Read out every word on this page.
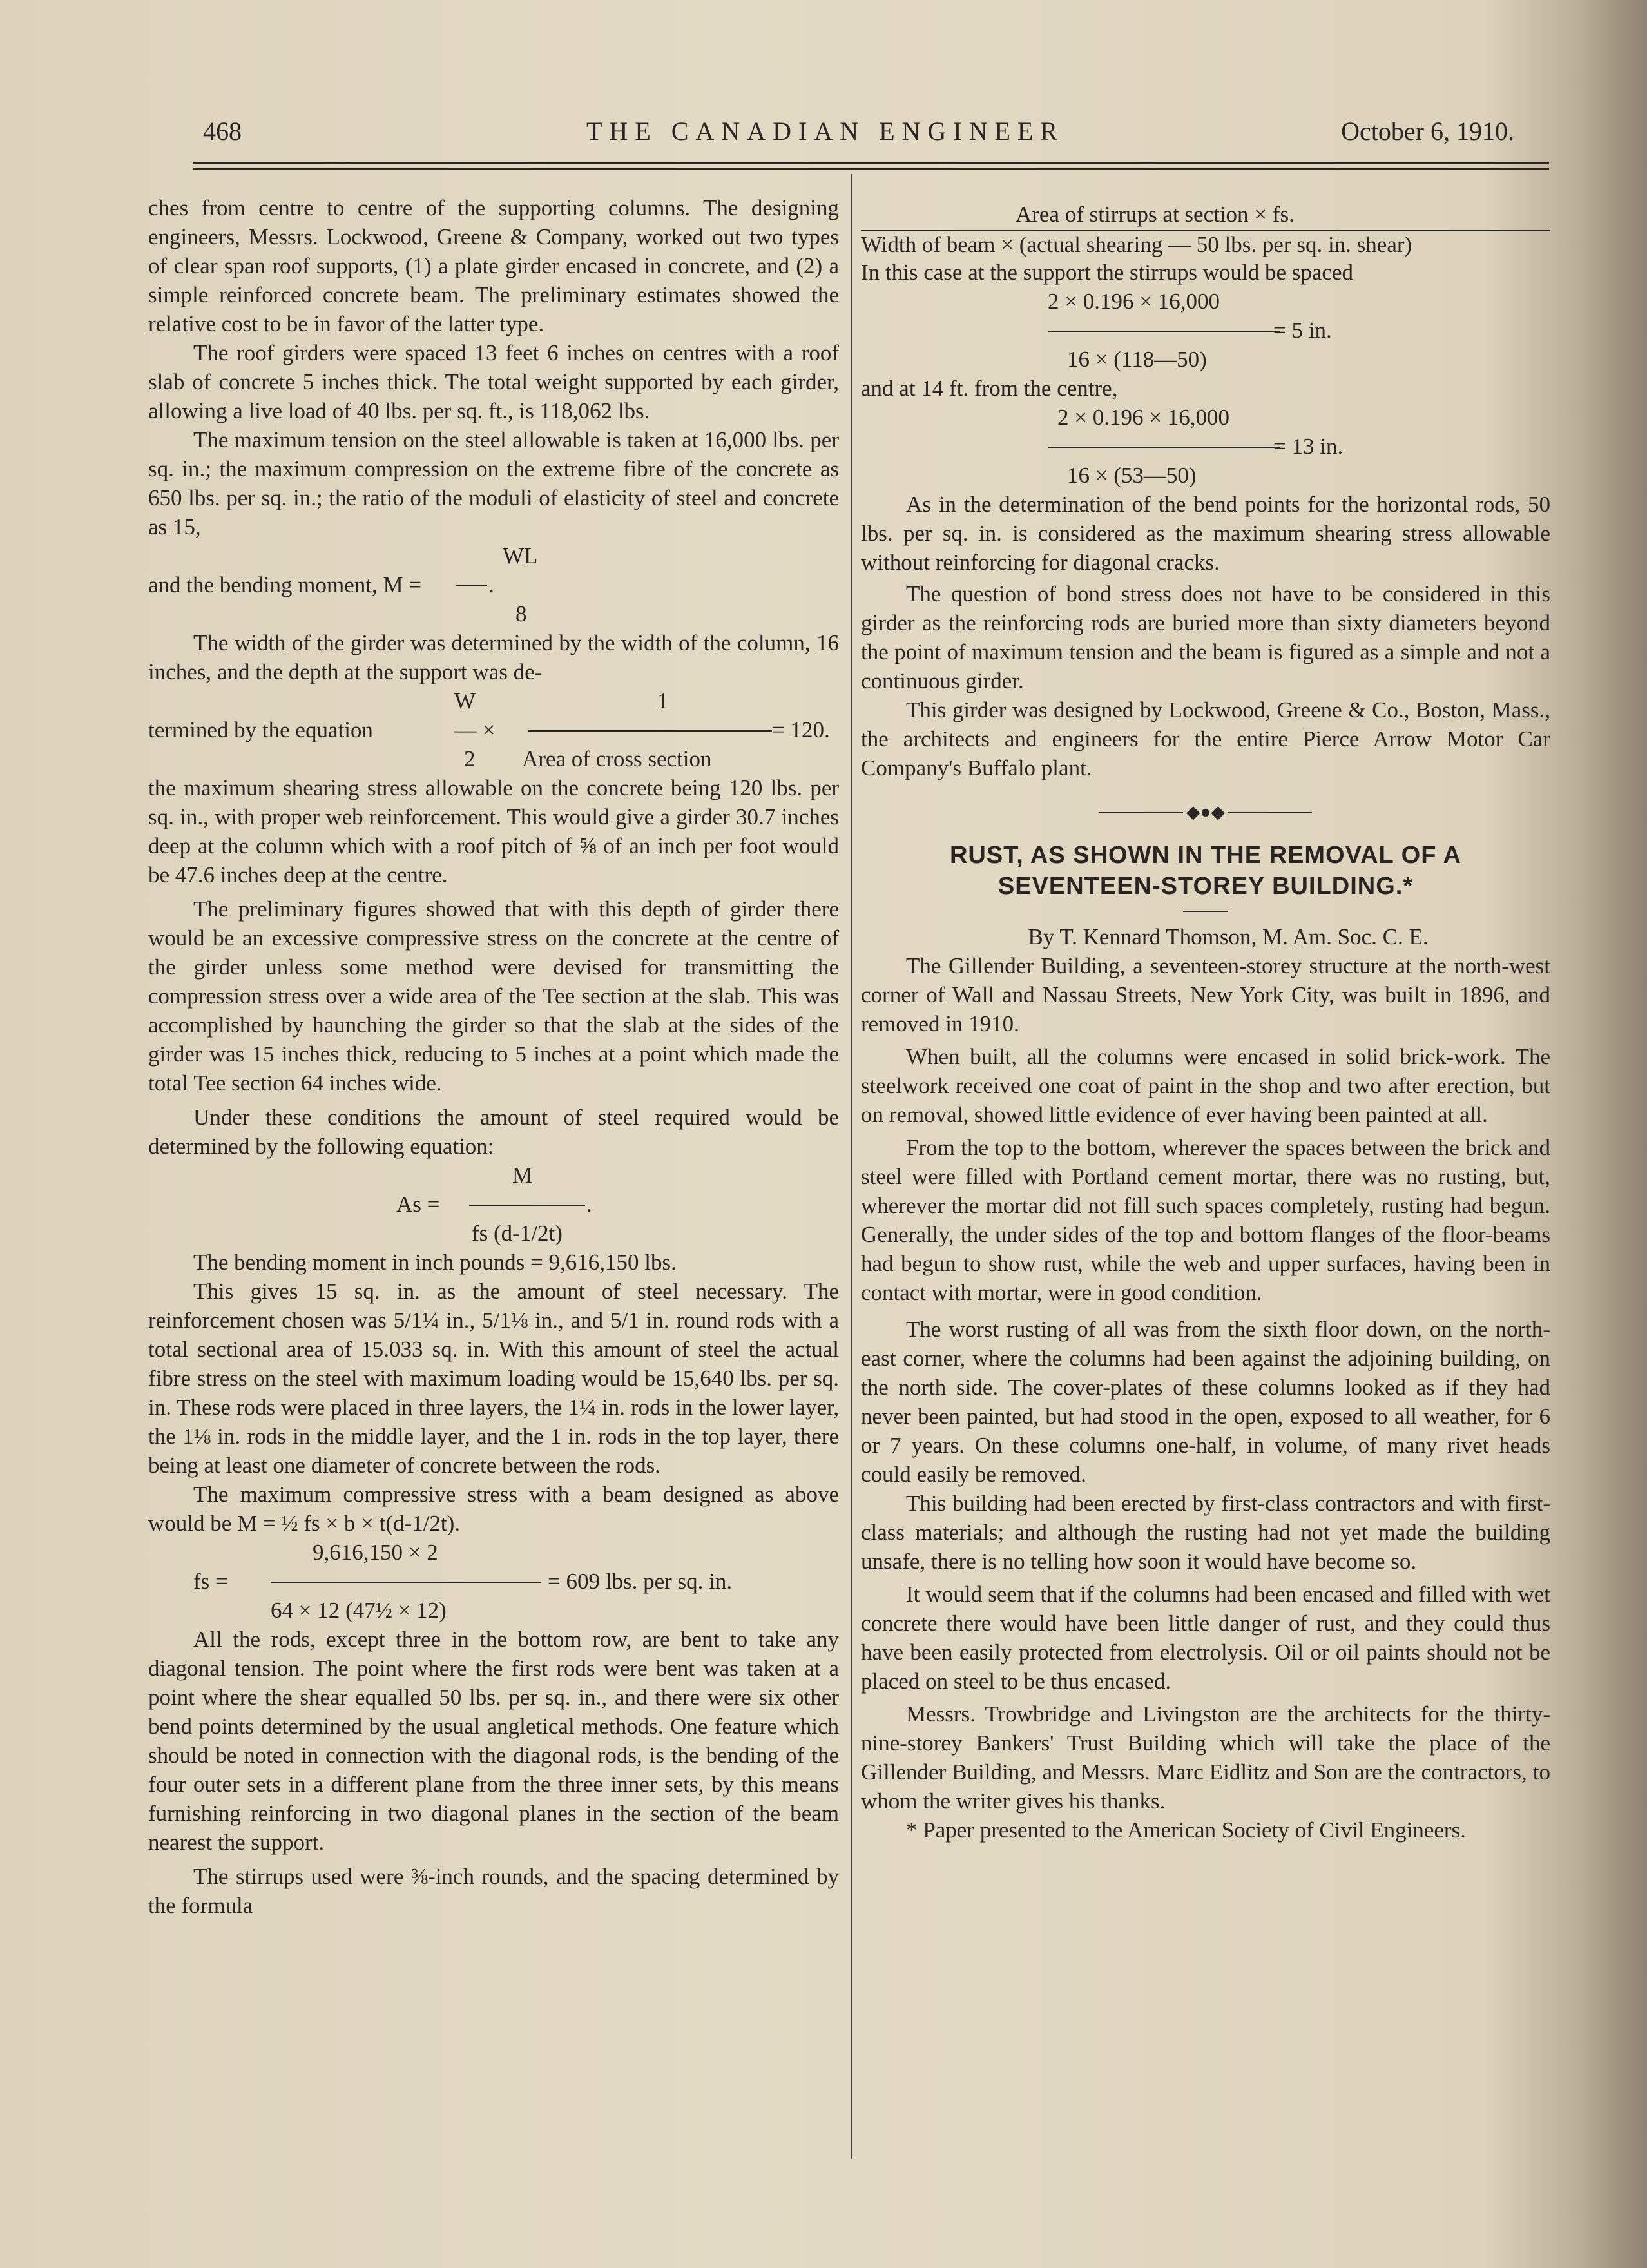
468	THE CANADIAN ENGINEER	October 6, 1910.

ches from centre to centre of the supporting columns. The designing engineers, Messrs. Lockwood, Greene & Company, worked out two types of clear span roof supports, (1) a plate girder encased in concrete, and (2) a simple reinforced concrete beam. The preliminary estimates showed the relative cost to be in favor of the latter type.

The roof girders were spaced 13 feet 6 inches on centres with a roof slab of concrete 5 inches thick. The total weight supported by each girder, allowing a live load of 40 lbs. per sq. ft., is 118,062 lbs.

The maximum tension on the steel allowable is taken at 16,000 lbs. per sq. in.; the maximum compression on the extreme fibre of the concrete as 650 lbs. per sq. in.; the ratio of the moduli of elasticity of steel and concrete as 15,

WL
and the bending moment, M =	.
8

The width of the girder was determined by the width of the column, 16 inches, and the depth at the support was de-

W	1
termined by the equation	— ×	= 120.
2 Area of cross section

the maximum shearing stress allowable on the concrete being 120 lbs. per sq. in., with proper web reinforcement. This would give a girder 30.7 inches deep at the column which with a roof pitch of ⅝ of an inch per foot would be 47.6 inches deep at the centre.

The preliminary figures showed that with this depth of girder there would be an excessive compressive stress on the concrete at the centre of the girder unless some method were devised for transmitting the compression stress over a wide area of the Tee section at the slab. This was accomplished by haunching the girder so that the slab at the sides of the girder was 15 inches thick, reducing to 5 inches at a point which made the total Tee section 64 inches wide.

Under these conditions the amount of steel required would be determined by the following equation:

M
As =	.
fs (d-1/2t)

The bending moment in inch pounds = 9,616,150 lbs.

This gives 15 sq. in. as the amount of steel necessary. The reinforcement chosen was 5/1¼ in., 5/1⅛ in., and 5/1 in. round rods with a total sectional area of 15.033 sq. in. With this amount of steel the actual fibre stress on the steel with maximum loading would be 15,640 lbs. per sq. in. These rods were placed in three layers, the 1¼ in. rods in the lower layer, the 1⅛ in. rods in the middle layer, and the 1 in. rods in the top layer, there being at least one diameter of concrete between the rods.

The maximum compressive stress with a beam designed as above would be M = ½ fs × b × t(d-1/2t).

9,616,150 × 2
fs =	= 609 lbs. per sq. in.
64 × 12 (47½ × 12)

All the rods, except three in the bottom row, are bent to take any diagonal tension. The point where the first rods were bent was taken at a point where the shear equalled 50 lbs. per sq. in., and there were six other bend points determined by the usual angletical methods. One feature which should be noted in connection with the diagonal rods, is the bending of the four outer sets in a different plane from the three inner sets, by this means furnishing reinforcing in two diagonal planes in the section of the beam nearest the support.

The stirrups used were ⅜-inch rounds, and the spacing determined by the formula

Area of stirrups at section × fs.
Width of beam × (actual shearing — 50 lbs. per sq. in. shear)

In this case at the support the stirrups would be spaced

2 × 0.196 × 16,000
= 5 in.
16 × (118—50)

and at 14 ft. from the centre,

2 × 0.196 × 16,000
= 13 in.
16 × (53—50)

As in the determination of the bend points for the horizontal rods, 50 lbs. per sq. in. is considered as the maximum shearing stress allowable without reinforcing for diagonal cracks.

The question of bond stress does not have to be considered in this girder as the reinforcing rods are buried more than sixty diameters beyond the point of maximum tension and the beam is figured as a simple and not a continuous girder.

This girder was designed by Lockwood, Greene & Co., Boston, Mass., the architects and engineers for the entire Pierce Arrow Motor Car Company's Buffalo plant.

◆●◆
RUST, AS SHOWN IN THE REMOVAL OF A
SEVENTEEN-STOREY BUILDING.*

By T. Kennard Thomson, M. Am. Soc. C. E.

The Gillender Building, a seventeen-storey structure at the north-west corner of Wall and Nassau Streets, New York City, was built in 1896, and removed in 1910.

When built, all the columns were encased in solid brick-work. The steelwork received one coat of paint in the shop and two after erection, but on removal, showed little evidence of ever having been painted at all.

From the top to the bottom, wherever the spaces between the brick and steel were filled with Portland cement mortar, there was no rusting, but, wherever the mortar did not fill such spaces completely, rusting had begun. Generally, the under sides of the top and bottom flanges of the floor-beams had begun to show rust, while the web and upper surfaces, having been in contact with mortar, were in good condition.

The worst rusting of all was from the sixth floor down, on the north-east corner, where the columns had been against the adjoining building, on the north side. The cover-plates of these columns looked as if they had never been painted, but had stood in the open, exposed to all weather, for 6 or 7 years. On these columns one-half, in volume, of many rivet heads could easily be removed.

This building had been erected by first-class contractors and with first-class materials; and although the rusting had not yet made the building unsafe, there is no telling how soon it would have become so.

It would seem that if the columns had been encased and filled with wet concrete there would have been little danger of rust, and they could thus have been easily protected from electrolysis. Oil or oil paints should not be placed on steel to be thus encased.

Messrs. Trowbridge and Livingston are the architects for the thirty-nine-storey Bankers' Trust Building which will take the place of the Gillender Building, and Messrs. Marc Eidlitz and Son are the contractors, to whom the writer gives his thanks.

* Paper presented to the American Society of Civil Engineers.
